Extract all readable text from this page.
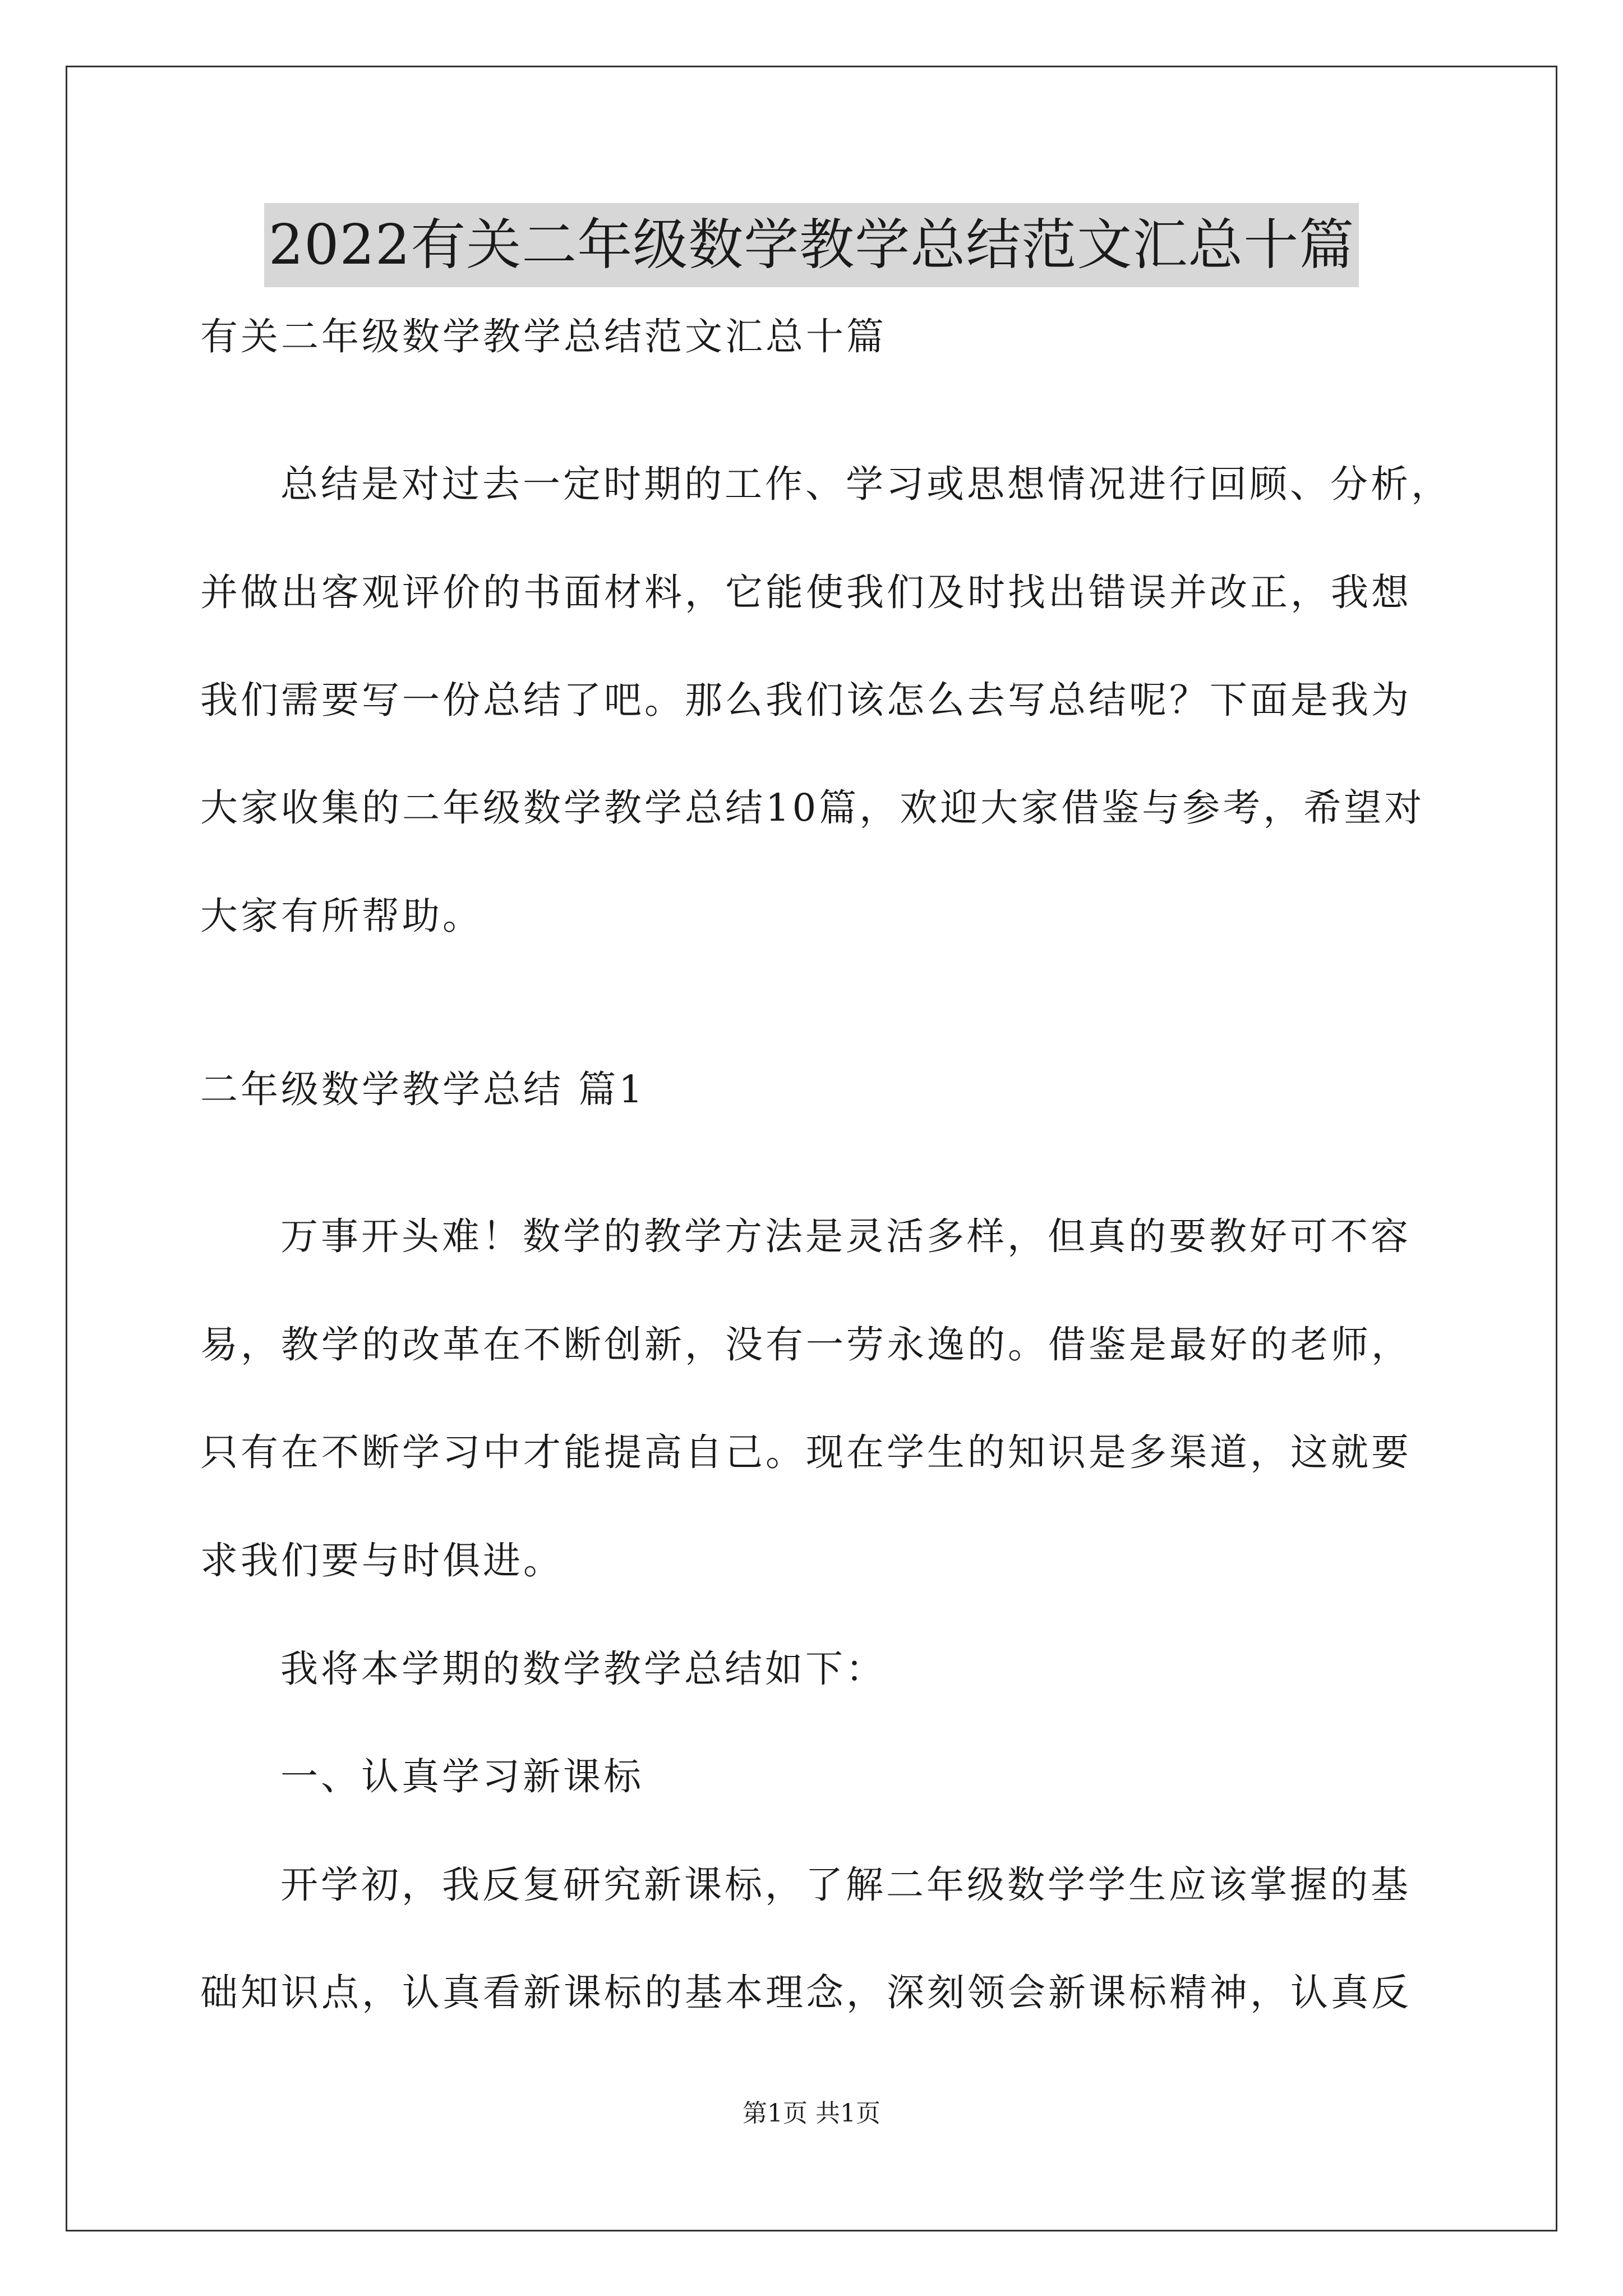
2022有关二年级数学教学总结范文汇总十篇
有关二年级数学教学总结范文汇总十篇
总结是对过去一定时期的工作、学习或思想情况进行回顾、分析，
并做出客观评价的书面材料，它能使我们及时找出错误并改正，我想
我们需要写一份总结了吧。那么我们该怎么去写总结呢？下面是我为
大家收集的二年级数学教学总结10篇，欢迎大家借鉴与参考，希望对
大家有所帮助。
二年级数学教学总结 篇1
万事开头难！数学的教学方法是灵活多样，但真的要教好可不容
易，教学的改革在不断创新，没有一劳永逸的。借鉴是最好的老师，
只有在不断学习中才能提高自己。现在学生的知识是多渠道，这就要
求我们要与时俱进。
我将本学期的数学教学总结如下：
一、认真学习新课标
开学初，我反复研究新课标，了解二年级数学学生应该掌握的基
础知识点，认真看新课标的基本理念，深刻领会新课标精神，认真反
第1页 共1页
